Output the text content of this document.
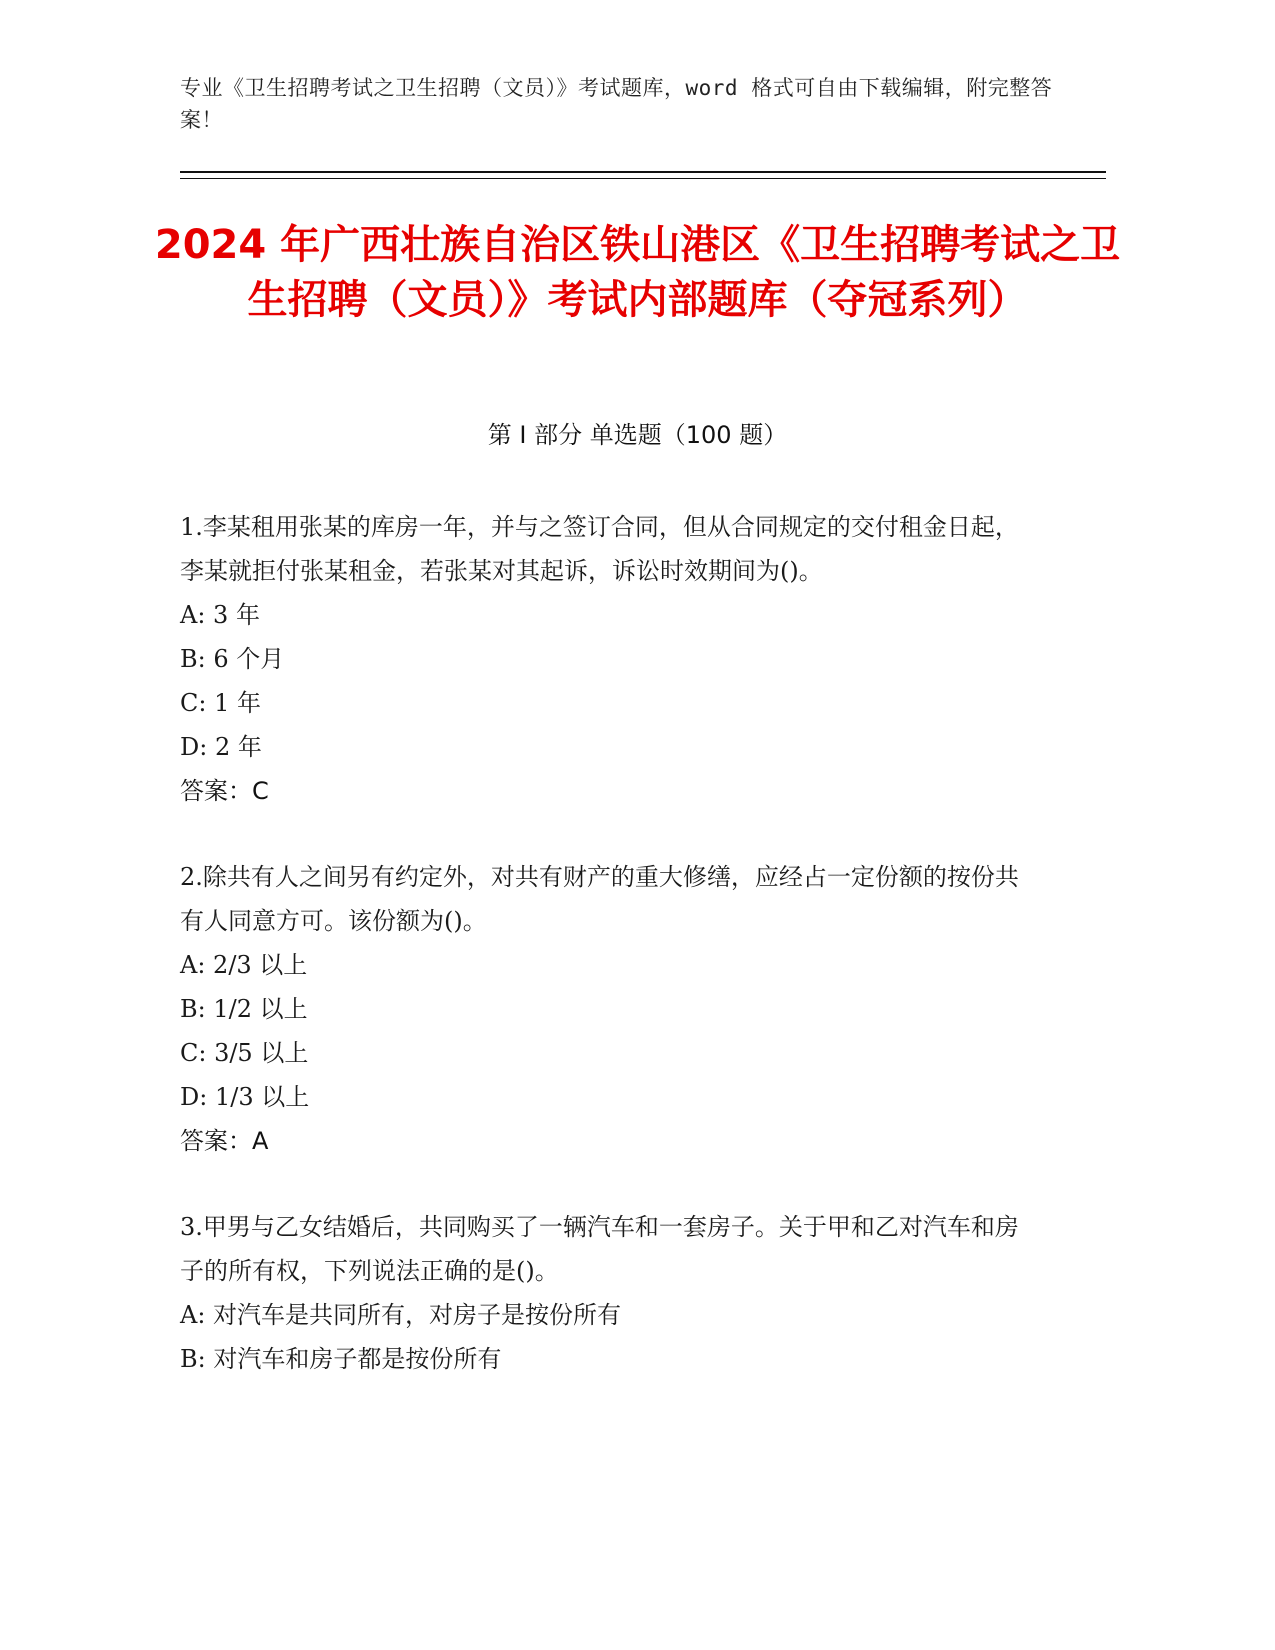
专业《卫生招聘考试之卫生招聘（文员）》考试题库，word 格式可自由下载编辑，附完整答案！
2024 年广西壮族自治区铁山港区《卫生招聘考试之卫生招聘（文员）》考试内部题库（夺冠系列）
第 I 部分 单选题（100 题）

1.李某租用张某的库房一年，并与之签订合同，但从合同规定的交付租金日起，李某就拒付张某租金，若张某对其起诉，诉讼时效期间为()。

A: 3 年

B: 6 个月

C: 1 年

D: 2 年

答案：C

2.除共有人之间另有约定外，对共有财产的重大修缮，应经占一定份额的按份共有人同意方可。该份额为()。

A: 2/3 以上

B: 1/2 以上

C: 3/5 以上

D: 1/3 以上

答案：A

3.甲男与乙女结婚后，共同购买了一辆汽车和一套房子。关于甲和乙对汽车和房子的所有权，下列说法正确的是()。

A: 对汽车是共同所有，对房子是按份所有

B: 对汽车和房子都是按份所有
